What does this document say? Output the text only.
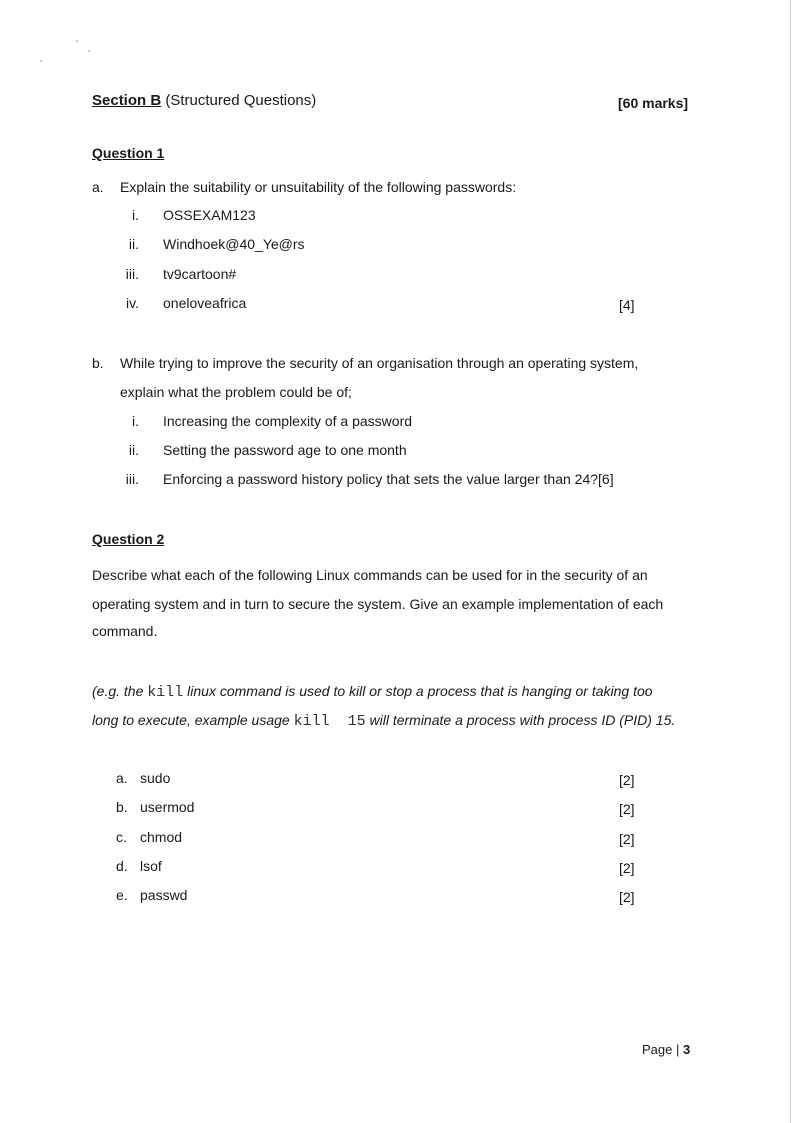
Section B (Structured Questions)	[60 marks]
Question 1
a. Explain the suitability or unsuitability of the following passwords:
i. OSSEXAM123
ii. Windhoek@40_Ye@rs
iii. tv9cartoon#
iv. oneloveafrica	[4]
b. While trying to improve the security of an organisation through an operating system,
explain what the problem could be of;
i. Increasing the complexity of a password
ii. Setting the password age to one month
iii. Enforcing a password history policy that sets the value larger than 24?[6]
Question 2
Describe what each of the following Linux commands can be used for in the security of an
operating system and in turn to secure the system. Give an example implementation of each
command.
(e.g. the kill linux command is used to kill or stop a process that is hanging or taking too
long to execute, example usage kill  15 will terminate a process with process ID (PID) 15.
a. sudo	[2]
b. usermod	[2]
c. chmod	[2]
d. lsof	[2]
e. passwd	[2]
Page | 3
